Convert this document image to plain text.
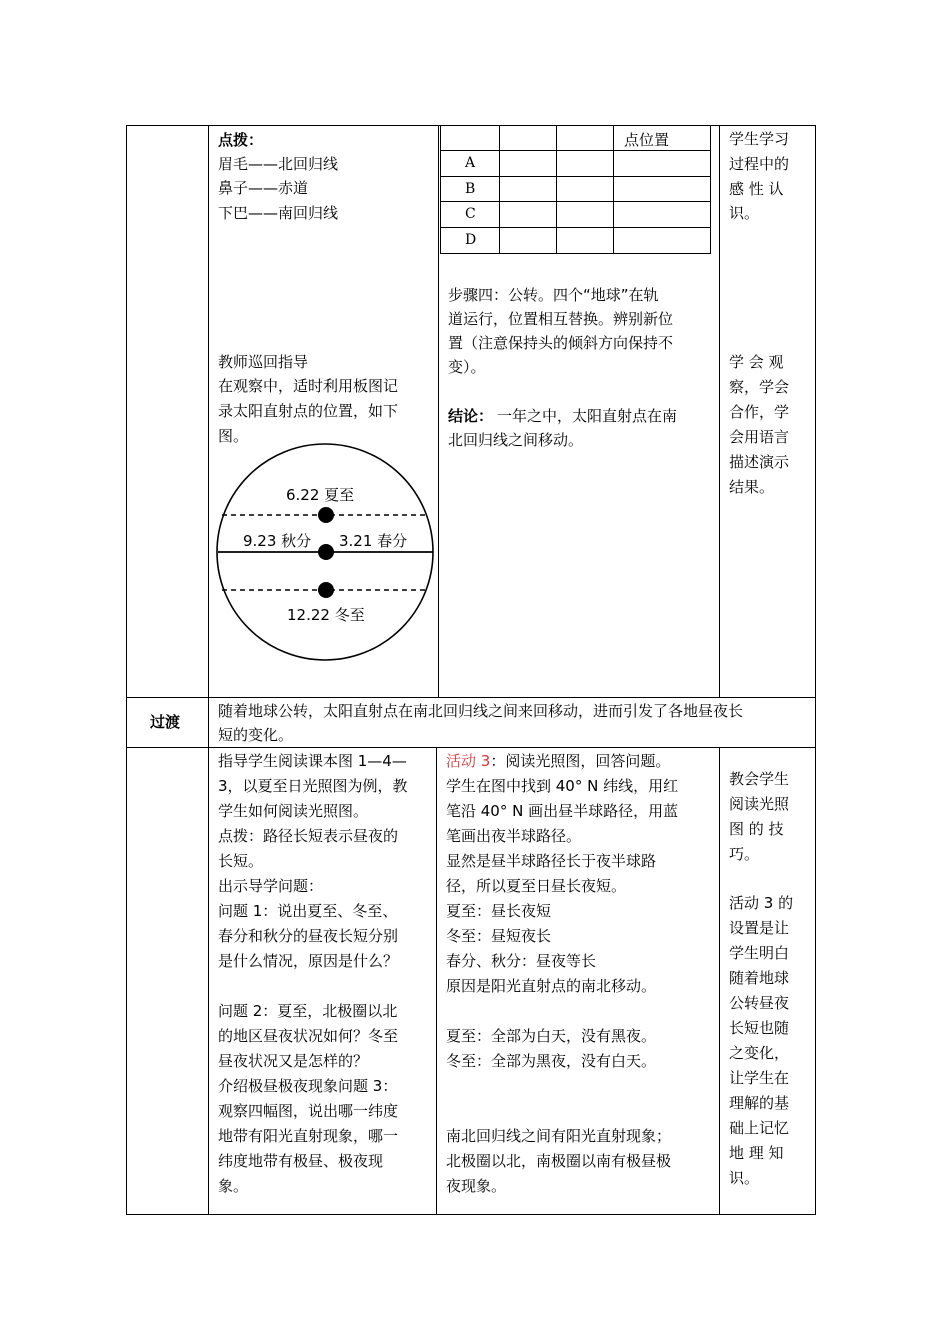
点拨：
眉毛——北回归线
鼻子——赤道
下巴——南回归线
教师巡回指导
在观察中，适时利用板图记
录太阳直射点的位置，如下
图。
6.22 夏至
9.23 秋分 3.21 春分
12.22 冬至
点位置
A
B
C
D
步骤四：公转。四个“地球”在轨
道运行，位置相互替换。辨别新位
置（注意保持头的倾斜方向保持不
变）。
结论： 一年之中，太阳直射点在南
北回归线之间移动。
学生学习
过程中的
感 性 认
识。
学 会 观
察，学会
合作，学
会用语言
描述演示
结果。
过渡
随着地球公转，太阳直射点在南北回归线之间来回移动，进而引发了各地昼夜长
短的变化。
指导学生阅读课本图 1—4—
3，以夏至日光照图为例，教
学生如何阅读光照图。
点拨：路径长短表示昼夜的
长短。
出示导学问题：
问题 1：说出夏至、冬至、
春分和秋分的昼夜长短分别
是什么情况，原因是什么？
问题 2：夏至，北极圈以北
的地区昼夜状况如何？冬至
昼夜状况又是怎样的？
介绍极昼极夜现象问题 3：
观察四幅图，说出哪一纬度
地带有阳光直射现象，哪一
纬度地带有极昼、极夜现
象。
活动 3：阅读光照图，回答问题。
学生在图中找到 40° N 纬线，用红
笔沿 40° N 画出昼半球路径，用蓝
笔画出夜半球路径。
显然是昼半球路径长于夜半球路
径，所以夏至日昼长夜短。
夏至：昼长夜短
冬至：昼短夜长
春分、秋分：昼夜等长
原因是阳光直射点的南北移动。
夏至：全部为白天，没有黑夜。
冬至：全部为黑夜，没有白天。
南北回归线之间有阳光直射现象；
北极圈以北，南极圈以南有极昼极
夜现象。
教会学生
阅读光照
图 的 技
巧。
活动 3 的
设置是让
学生明白
随着地球
公转昼夜
长短也随
之变化，
让学生在
理解的基
础上记忆
地 理 知
识。
